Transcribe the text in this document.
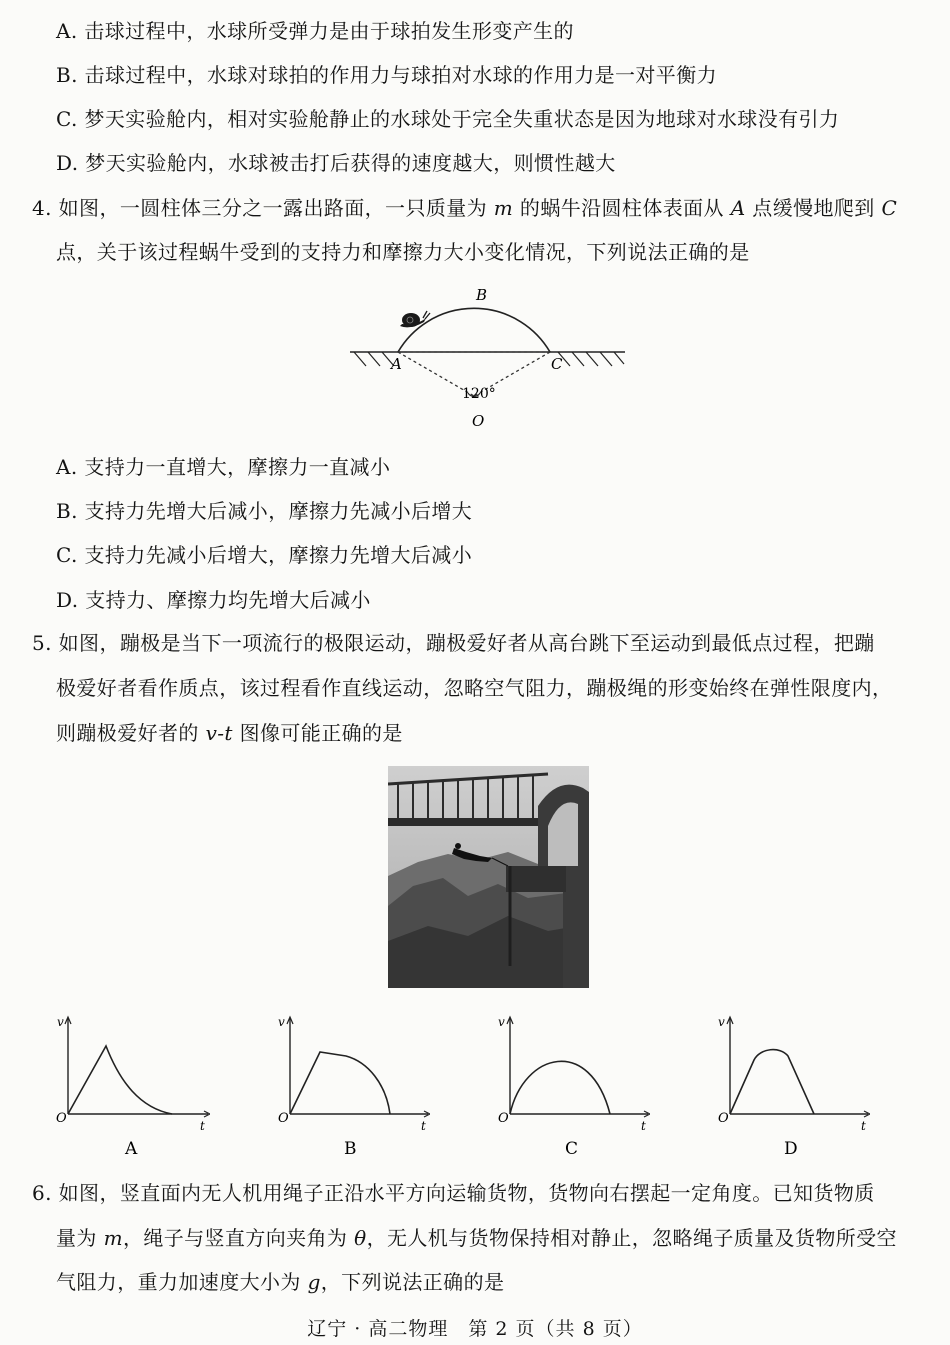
A. 击球过程中，水球所受弹力是由于球拍发生形变产生的
B. 击球过程中，水球对球拍的作用力与球拍对水球的作用力是一对平衡力
C. 梦天实验舱内，相对实验舱静止的水球处于完全失重状态是因为地球对水球没有引力
D. 梦天实验舱内，水球被击打后获得的速度越大，则惯性越大
4. 如图，一圆柱体三分之一露出路面，一只质量为 m 的蜗牛沿圆柱体表面从 A 点缓慢地爬到 C
点，关于该过程蜗牛受到的支持力和摩擦力大小变化情况，下列说法正确的是
B
A	C
120°
O
A. 支持力一直增大，摩擦力一直减小
B. 支持力先增大后减小，摩擦力先减小后增大
C. 支持力先减小后增大，摩擦力先增大后减小
D. 支持力、摩擦力均先增大后减小
5. 如图，蹦极是当下一项流行的极限运动，蹦极爱好者从高台跳下至运动到最低点过程，把蹦
极爱好者看作质点，该过程看作直线运动，忽略空气阻力，蹦极绳的形变始终在弹性限度内，
则蹦极爱好者的 v-t 图像可能正确的是
v
t
O
A
v
t
O
B
v
t
O
C
v
t
O
D
6. 如图，竖直面内无人机用绳子正沿水平方向运输货物，货物向右摆起一定角度。已知货物质
量为 m，绳子与竖直方向夹角为 θ，无人机与货物保持相对静止，忽略绳子质量及货物所受空
气阻力，重力加速度大小为 g，下列说法正确的是
辽宁 · 高二物理　第 2 页（共 8 页）
